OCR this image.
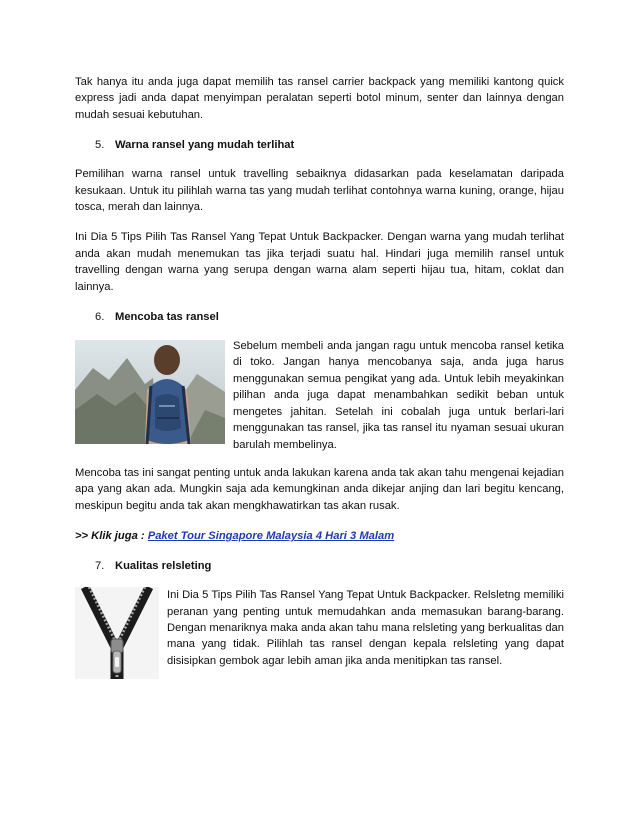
Tak hanya itu anda juga dapat memilih tas ransel carrier backpack yang memiliki kantong quick express jadi anda dapat menyimpan peralatan seperti botol minum, senter dan lainnya dengan mudah sesuai kebutuhan.

5. Warna ransel yang mudah terlihat

Pemilihan warna ransel untuk travelling sebaiknya didasarkan pada keselamatan daripada kesukaan. Untuk itu pilihlah warna tas yang mudah terlihat contohnya warna kuning, orange, hijau tosca, merah dan lainnya.

Ini Dia 5 Tips Pilih Tas Ransel Yang Tepat Untuk Backpacker. Dengan warna yang mudah terlihat anda akan mudah menemukan tas jika terjadi suatu hal. Hindari juga memilih ransel untuk travelling dengan warna yang serupa dengan warna alam seperti hijau tua, hitam, coklat dan lainnya.

6. Mencoba tas ransel

Sebelum membeli anda jangan ragu untuk mencoba ransel ketika di toko. Jangan hanya mencobanya saja, anda juga harus menggunakan semua pengikat yang ada. Untuk lebih meyakinkan pilihan anda juga dapat menambahkan sedikit beban untuk mengetes jahitan. Setelah ini cobalah juga untuk berlari-lari menggunakan tas ransel, jika tas ransel itu nyaman sesuai ukuran barulah membelinya.

Mencoba tas ini sangat penting untuk anda lakukan karena anda tak akan tahu mengenai kejadian apa yang akan ada. Mungkin saja ada kemungkinan anda dikejar anjing dan lari begitu kencang, meskipun begitu anda tak akan mengkhawatirkan tas akan rusak.

>> Klik juga : Paket Tour Singapore Malaysia 4 Hari 3 Malam
7. Kualitas relsleting

Ini Dia 5 Tips Pilih Tas Ransel Yang Tepat Untuk Backpacker. Relsletng memiliki peranan yang penting untuk memudahkan anda memasukan barang-barang. Dengan menariknya maka anda akan tahu mana relsleting yang berkualitas dan mana yang tidak. Pilihlah tas ransel dengan kepala relsleting yang dapat disisipkan gembok agar lebih aman jika anda menitipkan tas ransel.
